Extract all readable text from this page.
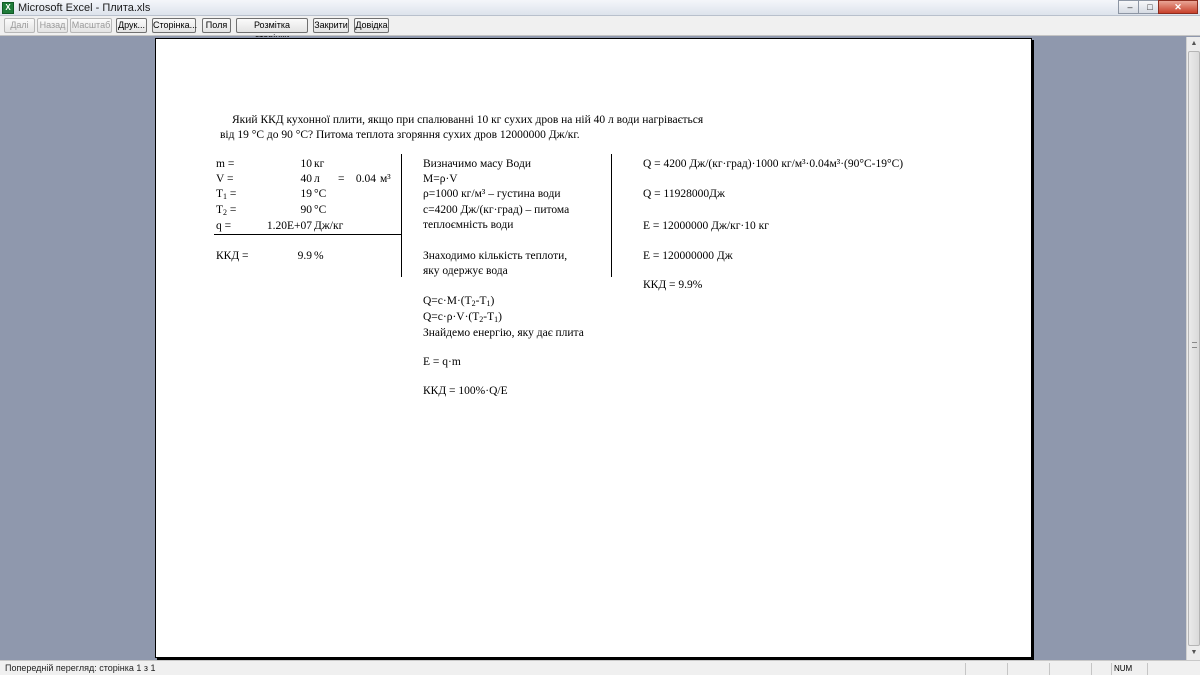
X Microsoft Excel - Плита.xls	‒	□	✕
Далі	Назад Масштаб Друк... Сторінка... Поля	Розмітка	Закрити Довідка
Який ККД кухонної плити, якщо при спалюванні 10 кг сухих дров на ній 40 л води нагрівається
від 19 °С до 90 °С? Питома теплота згоряння сухих дров 12000000 Дж/кг.
m =	10 кг
V =	40 л = 0.04 м³
$T_1$ =	19 °С
$T_2$ =	90 °С
q =	1.20E+07 Дж/кг
ККД =	9.9 %
Визначимо масу Води
M=ρ·V
ρ=1000 кг/м³ – густина води
с=4200 Дж/(кг·град) – питома
теплоємність води
Знаходимо кількість теплоти,
яку одержує вода
$Q=c\cdot M\cdot(T_2-T_1)$
$Q=c\cdot\rho\cdot V\cdot(T_2-T_1)$
Знайдемо енергію, яку дає плита
E = q·m
ККД = 100%·Q/E
Q = 4200 Дж/(кг·град)·1000 кг/м³·0.04м³·(90°С-19°С)
Q = 11928000Дж
E = 12000000 Дж/кг·10 кг
E = 120000000 Дж
ККД = 9.9%
▲
▼
Попередній перегляд: сторінка 1 з 1	NUM
